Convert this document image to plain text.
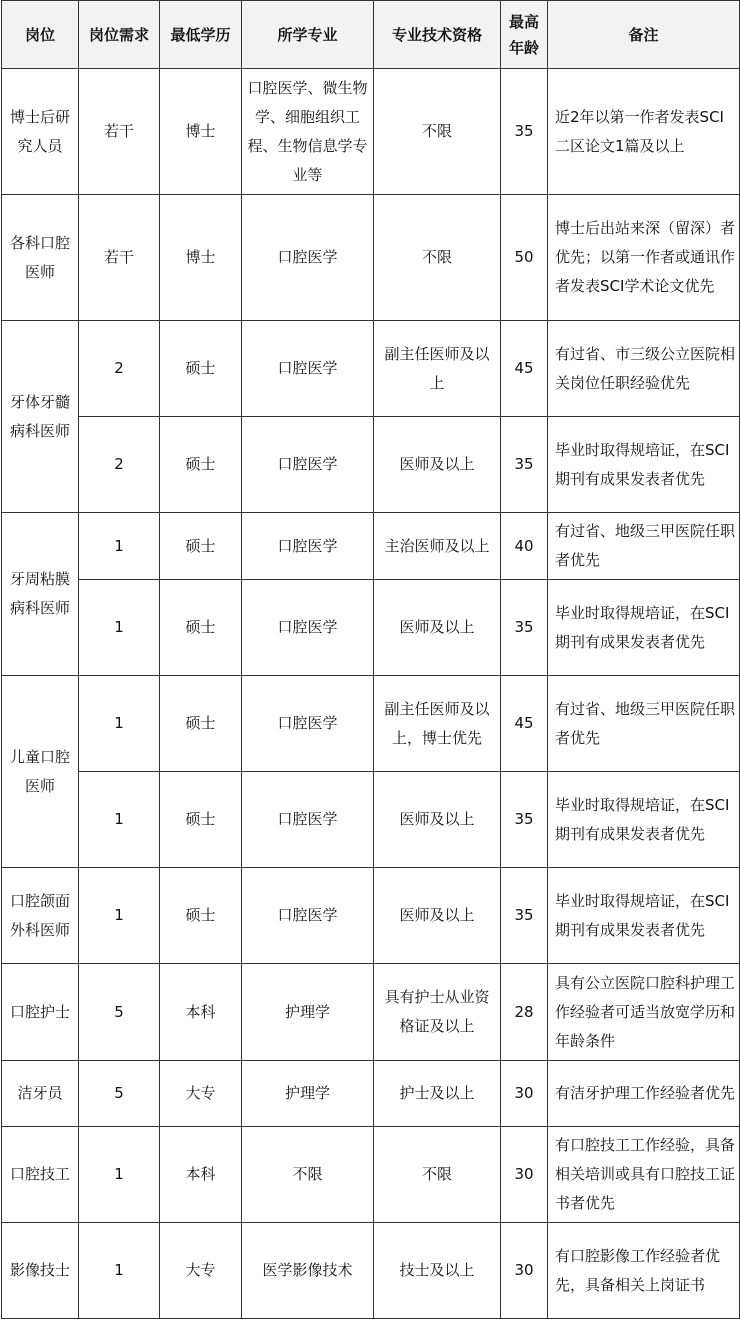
岗位	岗位需求	最低学历	所学专业	专业技术资格	最高年龄	备注
博士后研究人员	若干	博士	口腔医学、微生物学、细胞组织工程、生物信息学专业等	不限	35	近2年以第一作者发表SCI二区论文1篇及以上
各科口腔医师	若干	博士	口腔医学	不限	50	博士后出站来深（留深）者优先；以第一作者或通讯作者发表SCI学术论文优先
牙体牙髓病科医师	2	硕士	口腔医学	副主任医师及以上	45	有过省、市三级公立医院相关岗位任职经验优先
	2	硕士	口腔医学	医师及以上	35	毕业时取得规培证，在SCI期刊有成果发表者优先
牙周粘膜病科医师	1	硕士	口腔医学	主治医师及以上	40	有过省、地级三甲医院任职者优先
	1	硕士	口腔医学	医师及以上	35	毕业时取得规培证，在SCI期刊有成果发表者优先
儿童口腔医师	1	硕士	口腔医学	副主任医师及以上，博士优先	45	有过省、地级三甲医院任职者优先
	1	硕士	口腔医学	医师及以上	35	毕业时取得规培证，在SCI期刊有成果发表者优先
口腔颌面外科医师	1	硕士	口腔医学	医师及以上	35	毕业时取得规培证，在SCI期刊有成果发表者优先
口腔护士	5	本科	护理学	具有护士从业资格证及以上	28	具有公立医院口腔科护理工作经验者可适当放宽学历和年龄条件
洁牙员	5	大专	护理学	护士及以上	30	有洁牙护理工作经验者优先
口腔技工	1	本科	不限	不限	30	有口腔技工工作经验，具备相关培训或具有口腔技工证书者优先
影像技士	1	大专	医学影像技术	技士及以上	30	有口腔影像工作经验者优先，具备相关上岗证书
